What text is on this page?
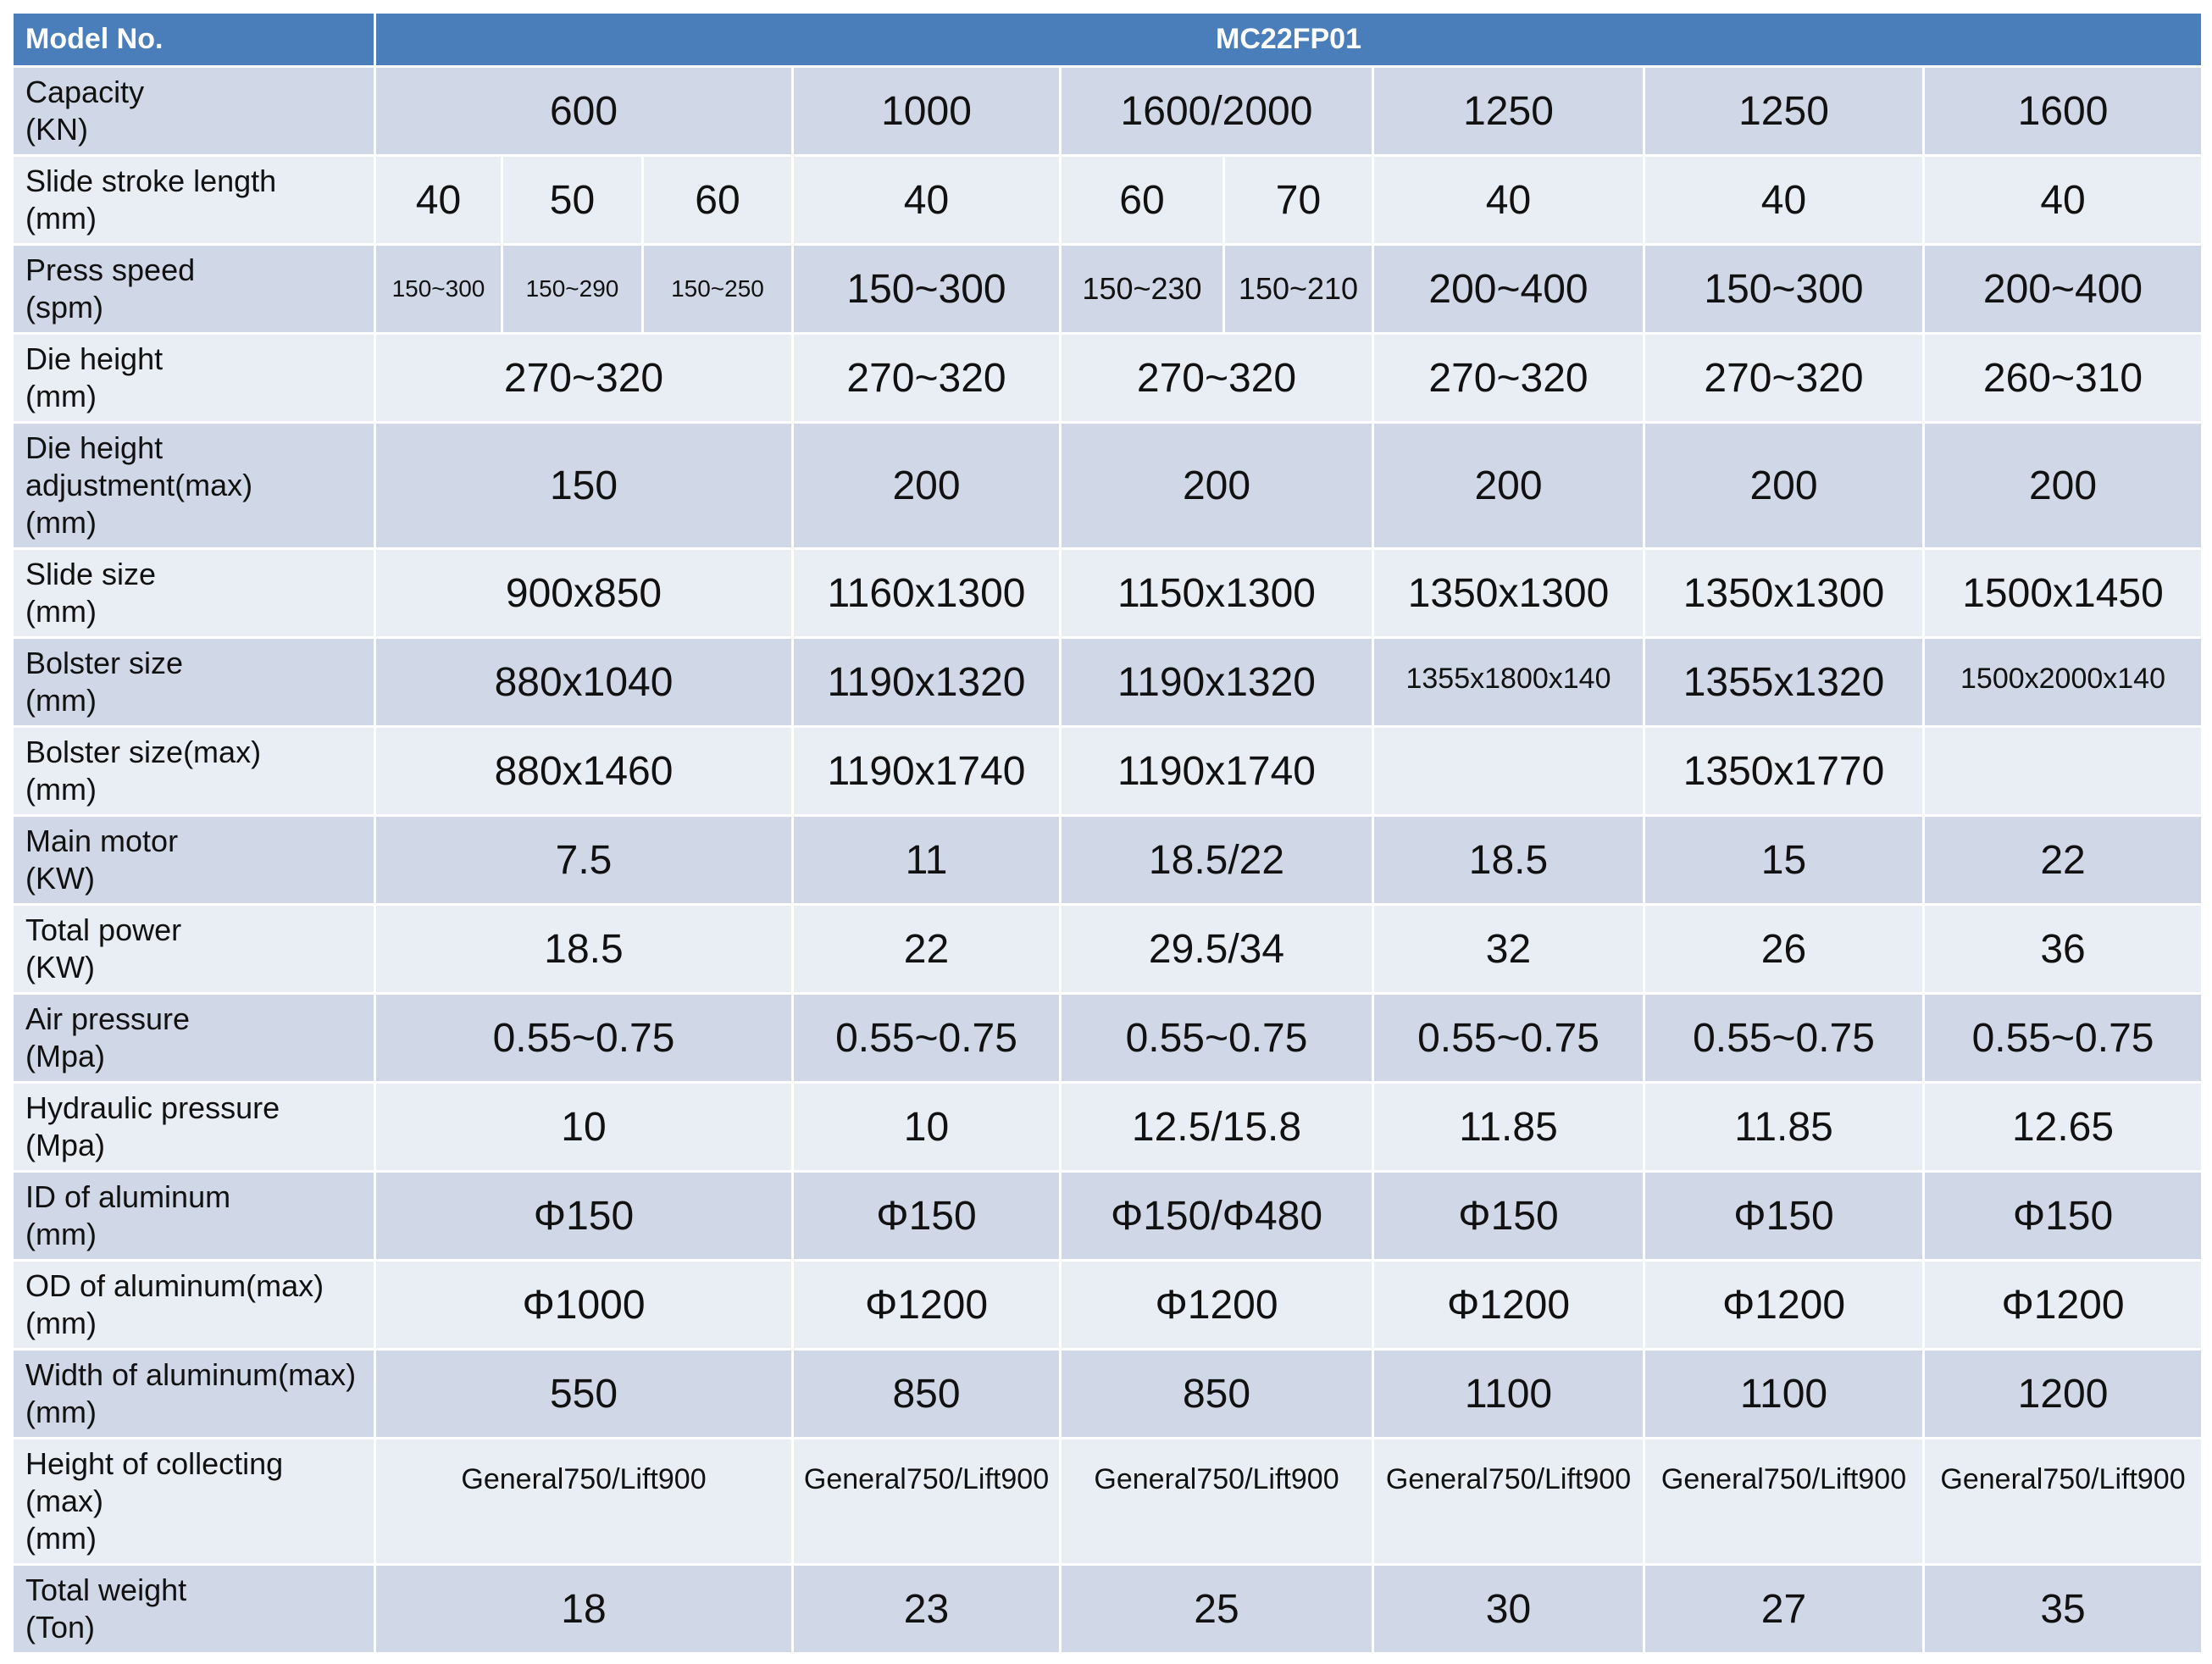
Model No.	MC22FP01								

Capacity
(KN)	600			1000	1600/2000		1250	1250	1600

Slide stroke length
(mm)	40	50	60	40	60	70	40	40	40

Press speed
(spm)	150~300	150~290	150~250	150~300	150~230	150~210	200~400	150~300	200~400

Die height
(mm)	270~320			270~320	270~320		270~320	270~320	260~310

Die height
adjustment(max)
(mm)	150			200	200		200	200	200

Slide size
(mm)	900x850			1160x1300	1150x1300		1350x1300	1350x1300	1500x1450

Bolster size
(mm)	880x1040			1190x1320	1190x1320		1355x1800x140	1355x1320	1500x2000x140

Bolster size(max)
(mm)	880x1460			1190x1740	1190x1740			1350x1770	

Main motor
(KW)	7.5			11	18.5/22		18.5	15	22

Total power
(KW)	18.5			22	29.5/34		32	26	36

Air pressure
(Mpa)	0.55~0.75			0.55~0.75	0.55~0.75		0.55~0.75	0.55~0.75	0.55~0.75

Hydraulic pressure
(Mpa)	10			10	12.5/15.8		11.85	11.85	12.65

ID of aluminum
(mm)	Φ150			Φ150	Φ150/Φ480		Φ150	Φ150	Φ150

OD of aluminum(max)
(mm)	Φ1000			Φ1200	Φ1200		Φ1200	Φ1200	Φ1200

Width of aluminum(max)
(mm)	550			850	850		1100	1100	1200

Height of collecting
(max)
(mm)	General750/Lift900			General750/Lift900	General750/Lift900		General750/Lift900	General750/Lift900	General750/Lift900

Total weight
(Ton)	18			23	25		30	27	35
